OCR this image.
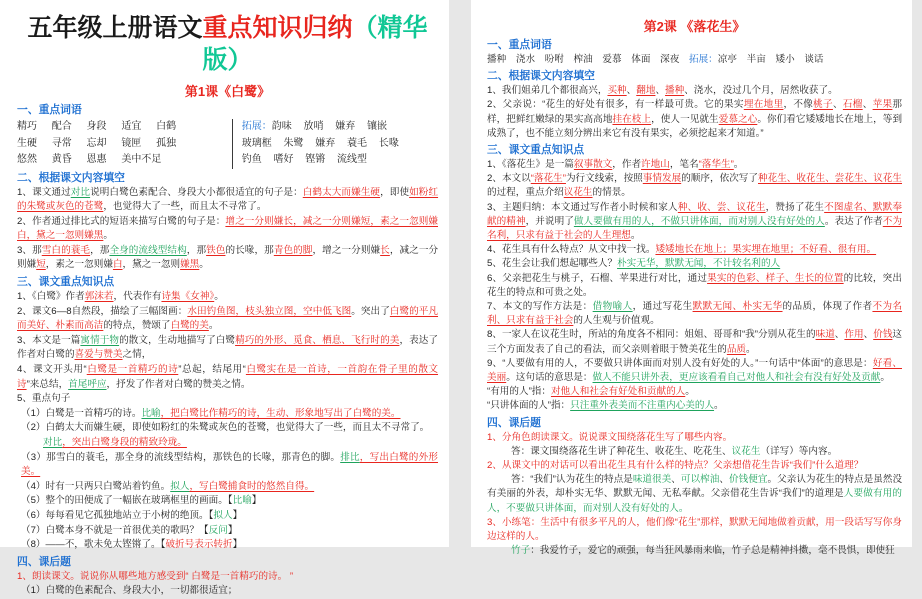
五年级上册语文重点知识归纳（精华版）
第1课《白鹭》
一、重点词语
精巧 配合 身段 适宜 白鹤
生硬 寻常 忘却 镜匣 孤独
悠然 黄昏 恩惠 美中不足
拓展：韵味 放哨 嫌弃 镶嵌
玻璃框 朱鹭 嫌弃 蓑毛 长喙
钓鱼 嗜好 铿锵 流线型
二、根据课文内容填空
1、课文通过对比说明白鹭色素配合、身段大小都很适宜的句子是：白鹤太大而嫌生硬，即使如粉红的朱鹭或灰色的苍鹭，也觉得大了一些，而且太不寻常了。
2、作者通过排比式的短语来描写白鹭的句子是：增之一分则嫌长，减之一分则嫌短，素之一忽则嫌白，黛之一忽则嫌黑。
3、那雪白的蓑毛，那全身的流线型结构，那铁色的长喙，那青色的脚，增之一分则嫌长，减之一分则嫌短，素之一忽则嫌白，黛之一忽则嫌黑。
三、课文重点知识点
1、《白鹭》作者郭沫若，代表作有诗集《女神》。
2、课文6—8自然段，描绘了三幅图画：水田钓鱼图，枝头独立图，空中低飞图。突出了白鹭的平凡而美好、朴素而高洁的特点，赞颂了白鹭的美。
3、本文是一篇寓情于物的散文，生动地描写了白鹭精巧的外形、觅食、栖息、飞行时的美，表达了作者对白鹭的喜爱与赞美之情，
4、课文开头用“白鹭是一首精巧的诗”总起，结尾用“白鹭实在是一首诗，一首韵在骨子里的散文诗”来总结，首尾呼应，抒发了作者对白鹭的赞美之情。
5、重点句子
（1）白鹭是一首精巧的诗。比喻，把白鹭比作精巧的诗，生动、形象地写出了白鹭的美。
（2）白鹤太大而嫌生硬，即使如粉红的朱鹭或灰色的苍鹭，也觉得大了一些，而且太不寻常了。
对比，突出白鹭身段的精致玲珑。
（3）那雪白的蓑毛，那全身的流线型结构，那铁色的长喙，那青色的脚。排比，写出白鹭的外形美。
（4）时有一只两只白鹭站着钓鱼。拟人，写白鹭捕食时的悠然自得。
（5）整个的田便成了一幅嵌在玻璃框里的画面。【比喻】
（6）每每看见它孤独地站立于小树的绝顶。【拟人】
（7）白鹭本身不就是一首很优美的歌吗？【反问】
（8）——不，歌未免太铿锵了。【破折号表示转折】
四、课后题
1、朗读课文。说说你从哪些地方感受到“ 白鹭是一首精巧的诗。 ”
（1）白鹭的色素配合、身段大小，一切都很适宜；
第2课 《落花生》
一、重点词语
播种 浇水 吩咐 榨油 爱慕 体面 深夜 拓展：凉亭 半亩 矮小 谈话
二、根据课文内容填空
1、我们姐弟几个都很高兴，买种、翻地、播种、浇水，没过几个月，居然收获了。
2、父亲说：“花生的好处有很多，有一样最可贵。它的果实埋在地里，不像桃子、石榴、苹果那样，把鲜红嫩绿的果实高高地挂在枝上，使人一见就生爱慕之心。你们看它矮矮地长在地上，等到成熟了，也不能立刻分辨出来它有没有果实，必须挖起来才知道。”
三、课文重点知识点
1、《落花生》是一篇叙事散文，作者许地山，笔名“落华生”。
2、本文以“落花生”为行文线索，按照事情发展的顺序，依次写了种花生、收花生、尝花生、议花生的过程，重点介绍议花生的情景。
3、主题归纳：本文通过写作者小时候和家人种、收、尝、议花生，赞扬了花生不图虚名、默默奉献的精神，并说明了做人要做有用的人，不做只讲体面，而对别人没有好处的人。表达了作者不为名利，只求有益于社会的人生理想。
4、花生具有什么特点？从文中找一找。矮矮地长在地上；果实埋在地里；不好看、很有用。
5、花生会让我们想起哪些人？朴实无华，默默无闻，不计较名利的人
6、父亲把花生与桃子，石榴、苹果进行对比，通过果实的色彩、样子、生长的位置的比较，突出花生的特点和可贵之处。
7、本文的写作方法是：借物喻人，通过写花生默默无闻、朴实无华的品质，体现了作者不为名利、只求有益于社会的人生观与价值观。
8、一家人在议花生时，所站的角度各不相同：姐姐、哥哥和“我”分别从花生的味道、作用、价钱这三个方面发表了自己的看法，而父亲则着眼于赞美花生的品质。
9、“人要做有用的人，不要做只讲体面而对别人没有好处的人。”一句话中“体面”的意思是：好看、美丽。这句话的意思是：做人不能只讲外表，更应该看看自己对他人和社会有没有好处及贡献。
“有用的人”指：对他人和社会有好处和贡献的人。
“只讲体面的人”指：只注重外表美而不注重内心美的人。
四、课后题
1、分角色朗读课文。说说课文围绕落花生写了哪些内容。
答：课文围绕落花生讲了种花生、收花生、吃花生、议花生（详写）等内容。
2、从课文中的对话可以看出花生具有什么样的特点？父亲想借花生告诉“我们”什么道理？
答：“我们”认为花生的特点是味道很美、可以榨油、价钱便宜。父亲认为花生的特点是虽然没有美丽的外表，却朴实无华、默默无闻、无私奉献。父亲借花生告诉“我们”的道理是人要做有用的人，不要做只讲体面，而对别人没有好处的人。
3、小练笔：生活中有很多平凡的人，他们像“花生”那样，默默无闻地做着贡献，用一段话写写你身边这样的人。
竹子：我爱竹子，爱它的顽强，每当狂风暴雨来临，竹子总是精神抖擞，毫不畏惧，即使狂
